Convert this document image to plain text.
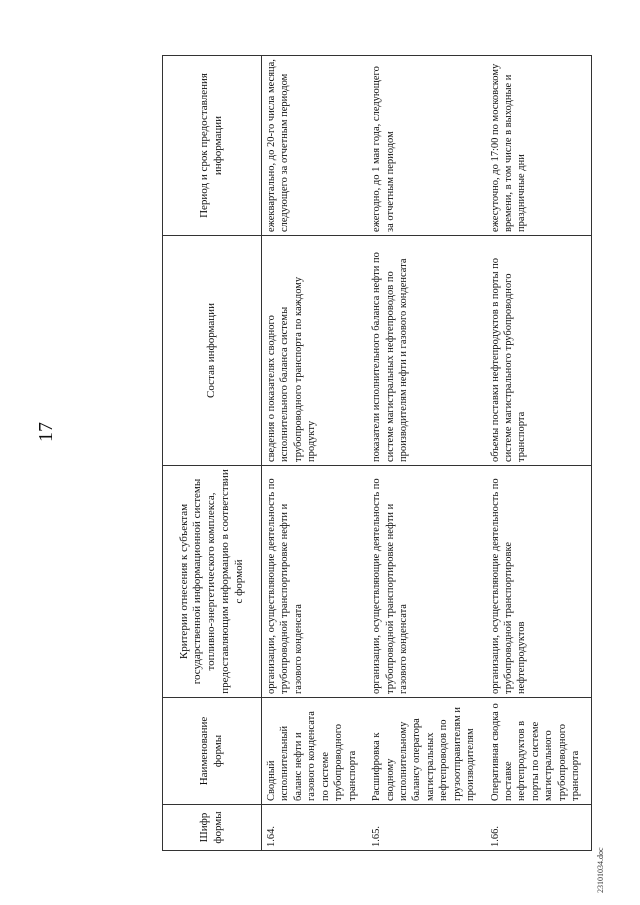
17
23101034.doc
Шифр формы	Наименование формы	Критерии отнесения к субъектам государственной информационной системы топливно-энергетического комплекса, предоставляющим информацию в соответствии с формой	Состав информации	Период и срок предоставления информации
1.64.	Сводный исполнительный баланс нефти и газового конденсата по системе трубопроводного транспорта	организации, осуществляющие деятельность по трубопроводной транспортировке нефти и газового конденсата	сведения о показателях сводного исполнительного баланса системы трубопроводного транспорта по каждому продукту	ежеквартально, до 20-го числа месяца, следующего за отчетным периодом
1.65.	Расшифровка к сводному исполнительному балансу оператора магистральных нефтепроводов по грузоотправителям и производителям	организации, осуществляющие деятельность по трубопроводной транспортировке нефти и газового конденсата	показатели исполнительного баланса нефти по системе магистральных нефтепроводов по производителям нефти и газового конденсата	ежегодно, до 1 мая года, следующего за отчетным периодом
1.66.	Оперативная сводка о поставке нефтепродуктов в порты по системе магистрального трубопроводного транспорта	организации, осуществляющие деятельность по трубопроводной транспортировке нефтепродуктов	объемы поставки нефтепродуктов в порты по системе магистрального трубопроводного транспорта	ежесуточно, до 17:00 по московскому времени, в том числе в выходные и праздничные дни
